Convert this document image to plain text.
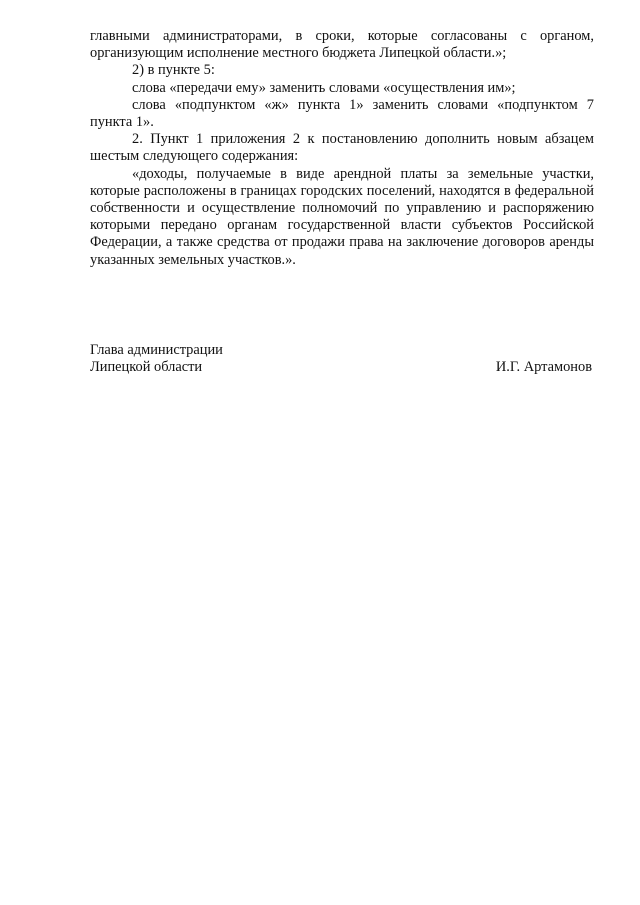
главными администраторами, в сроки, которые согласованы с органом, организующим исполнение местного бюджета Липецкой области.»;

2) в пункте 5:

слова «передачи ему» заменить словами «осуществления им»;

слова «подпунктом «ж» пункта 1» заменить словами «подпунктом 7 пункта 1».

2. Пункт 1 приложения 2 к постановлению дополнить новым абзацем шестым следующего содержания:

«доходы, получаемые в виде арендной платы за земельные участки, которые расположены в границах городских поселений, находятся в федеральной собственности и осуществление полномочий по управлению и распоряжению которыми передано органам государственной власти субъектов Российской Федерации, а также средства от продажи права на заключение договоров аренды указанных земельных участков.».

Глава администрации
Липецкой области	И.Г. Артамонов
